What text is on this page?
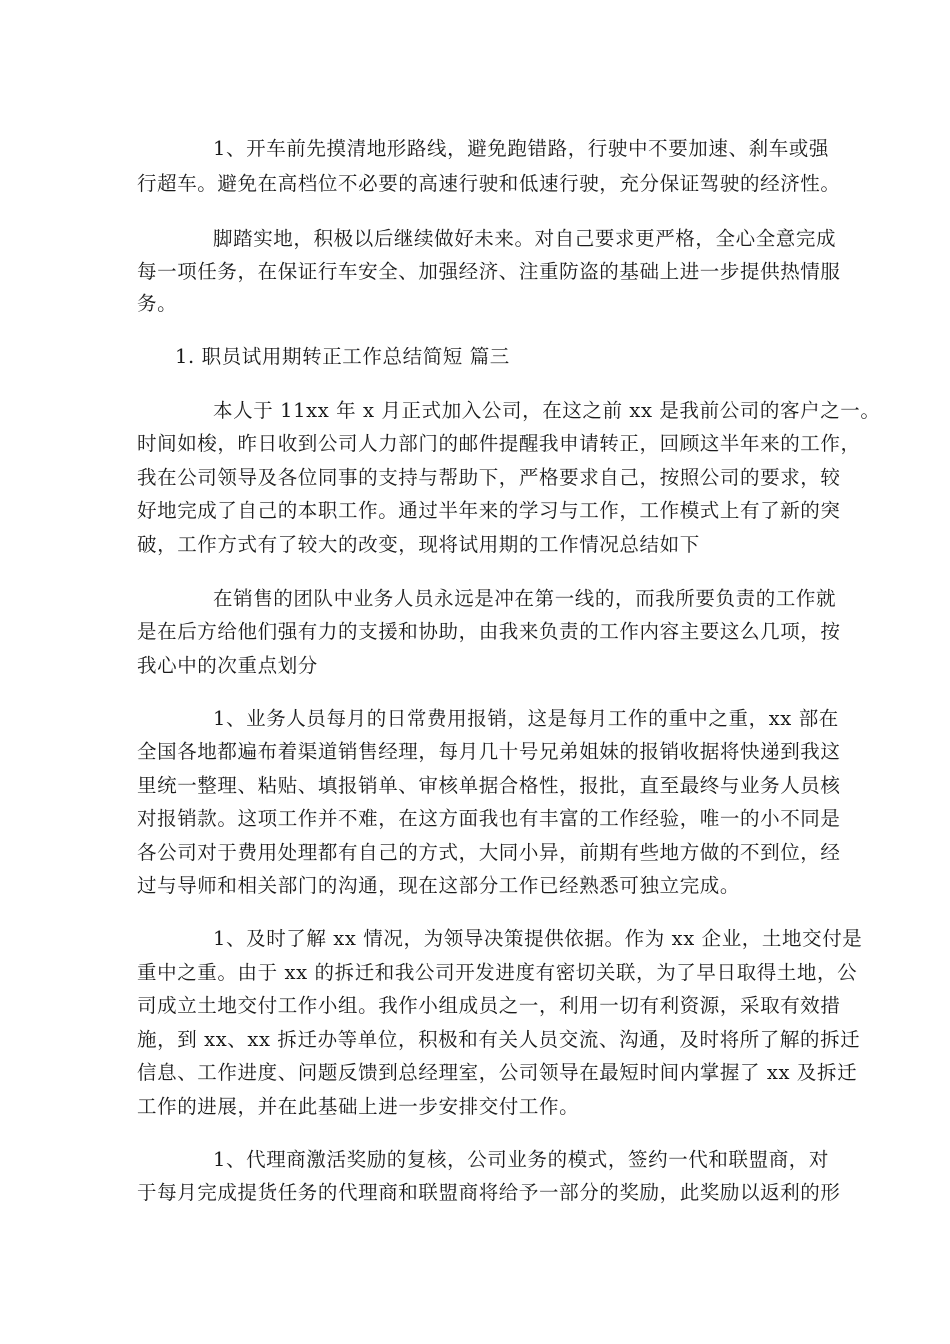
1、开车前先摸清地形路线，避免跑错路，行驶中不要加速、刹车或强
行超车。避免在高档位不必要的高速行驶和低速行驶，充分保证驾驶的经济性。
脚踏实地，积极以后继续做好未来。对自己要求更严格，全心全意完成
每一项任务，在保证行车安全、加强经济、注重防盗的基础上进一步提供热情服
务。
1. 职员试用期转正工作总结简短 篇三
本人于 11xx 年 x 月正式加入公司，在这之前 xx 是我前公司的客户之一。
时间如梭，昨日收到公司人力部门的邮件提醒我申请转正，回顾这半年来的工作，
我在公司领导及各位同事的支持与帮助下，严格要求自己，按照公司的要求，较
好地完成了自己的本职工作。通过半年来的学习与工作，工作模式上有了新的突
破，工作方式有了较大的改变，现将试用期的工作情况总结如下
在销售的团队中业务人员永远是冲在第一线的，而我所要负责的工作就
是在后方给他们强有力的支援和协助，由我来负责的工作内容主要这么几项，按
我心中的次重点划分
1、业务人员每月的日常费用报销，这是每月工作的重中之重，xx 部在
全国各地都遍布着渠道销售经理，每月几十号兄弟姐妹的报销收据将快递到我这
里统一整理、粘贴、填报销单、审核单据合格性，报批，直至最终与业务人员核
对报销款。这项工作并不难，在这方面我也有丰富的工作经验，唯一的小不同是
各公司对于费用处理都有自己的方式，大同小异，前期有些地方做的不到位，经
过与导师和相关部门的沟通，现在这部分工作已经熟悉可独立完成。
1、及时了解 xx 情况，为领导决策提供依据。作为 xx 企业，土地交付是
重中之重。由于 xx 的拆迁和我公司开发进度有密切关联，为了早日取得土地，公
司成立土地交付工作小组。我作小组成员之一，利用一切有利资源，采取有效措
施，到 xx、xx 拆迁办等单位，积极和有关人员交流、沟通，及时将所了解的拆迁
信息、工作进度、问题反馈到总经理室，公司领导在最短时间内掌握了 xx 及拆迁
工作的进展，并在此基础上进一步安排交付工作。
1、代理商激活奖励的复核，公司业务的模式，签约一代和联盟商，对
于每月完成提货任务的代理商和联盟商将给予一部分的奖励，此奖励以返利的形
